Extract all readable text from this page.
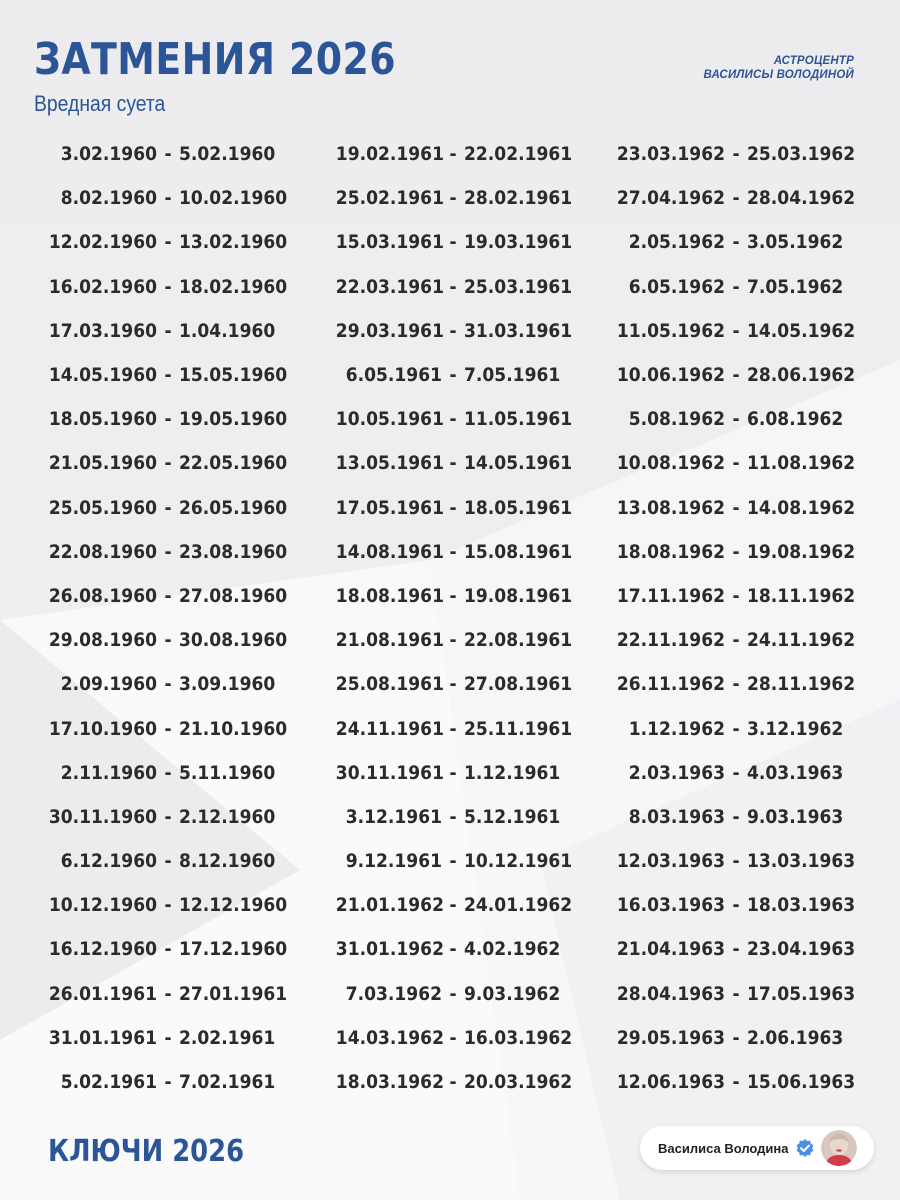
ЗАТМЕНИЯ 2026
Вредная суета
АСТРОЦЕНТР
ВАСИЛИСЫ ВОЛОДИНОЙ
3.02.1960 - 5.02.1960
8.02.1960 - 10.02.1960
12.02.1960 - 13.02.1960
16.02.1960 - 18.02.1960
17.03.1960 - 1.04.1960
14.05.1960 - 15.05.1960
18.05.1960 - 19.05.1960
21.05.1960 - 22.05.1960
25.05.1960 - 26.05.1960
22.08.1960 - 23.08.1960
26.08.1960 - 27.08.1960
29.08.1960 - 30.08.1960
2.09.1960 - 3.09.1960
17.10.1960 - 21.10.1960
2.11.1960 - 5.11.1960
30.11.1960 - 2.12.1960
6.12.1960 - 8.12.1960
10.12.1960 - 12.12.1960
16.12.1960 - 17.12.1960
26.01.1961 - 27.01.1961
31.01.1961 - 2.02.1961
5.02.1961 - 7.02.1961
19.02.1961 - 22.02.1961
25.02.1961 - 28.02.1961
15.03.1961 - 19.03.1961
22.03.1961 - 25.03.1961
29.03.1961 - 31.03.1961
6.05.1961 - 7.05.1961
10.05.1961 - 11.05.1961
13.05.1961 - 14.05.1961
17.05.1961 - 18.05.1961
14.08.1961 - 15.08.1961
18.08.1961 - 19.08.1961
21.08.1961 - 22.08.1961
25.08.1961 - 27.08.1961
24.11.1961 - 25.11.1961
30.11.1961 - 1.12.1961
3.12.1961 - 5.12.1961
9.12.1961 - 10.12.1961
21.01.1962 - 24.01.1962
31.01.1962 - 4.02.1962
7.03.1962 - 9.03.1962
14.03.1962 - 16.03.1962
18.03.1962 - 20.03.1962
23.03.1962 - 25.03.1962
27.04.1962 - 28.04.1962
2.05.1962 - 3.05.1962
6.05.1962 - 7.05.1962
11.05.1962 - 14.05.1962
10.06.1962 - 28.06.1962
5.08.1962 - 6.08.1962
10.08.1962 - 11.08.1962
13.08.1962 - 14.08.1962
18.08.1962 - 19.08.1962
17.11.1962 - 18.11.1962
22.11.1962 - 24.11.1962
26.11.1962 - 28.11.1962
1.12.1962 - 3.12.1962
2.03.1963 - 4.03.1963
8.03.1963 - 9.03.1963
12.03.1963 - 13.03.1963
16.03.1963 - 18.03.1963
21.04.1963 - 23.04.1963
28.04.1963 - 17.05.1963
29.05.1963 - 2.06.1963
12.06.1963 - 15.06.1963
КЛЮЧИ 2026	Василиса Володина
